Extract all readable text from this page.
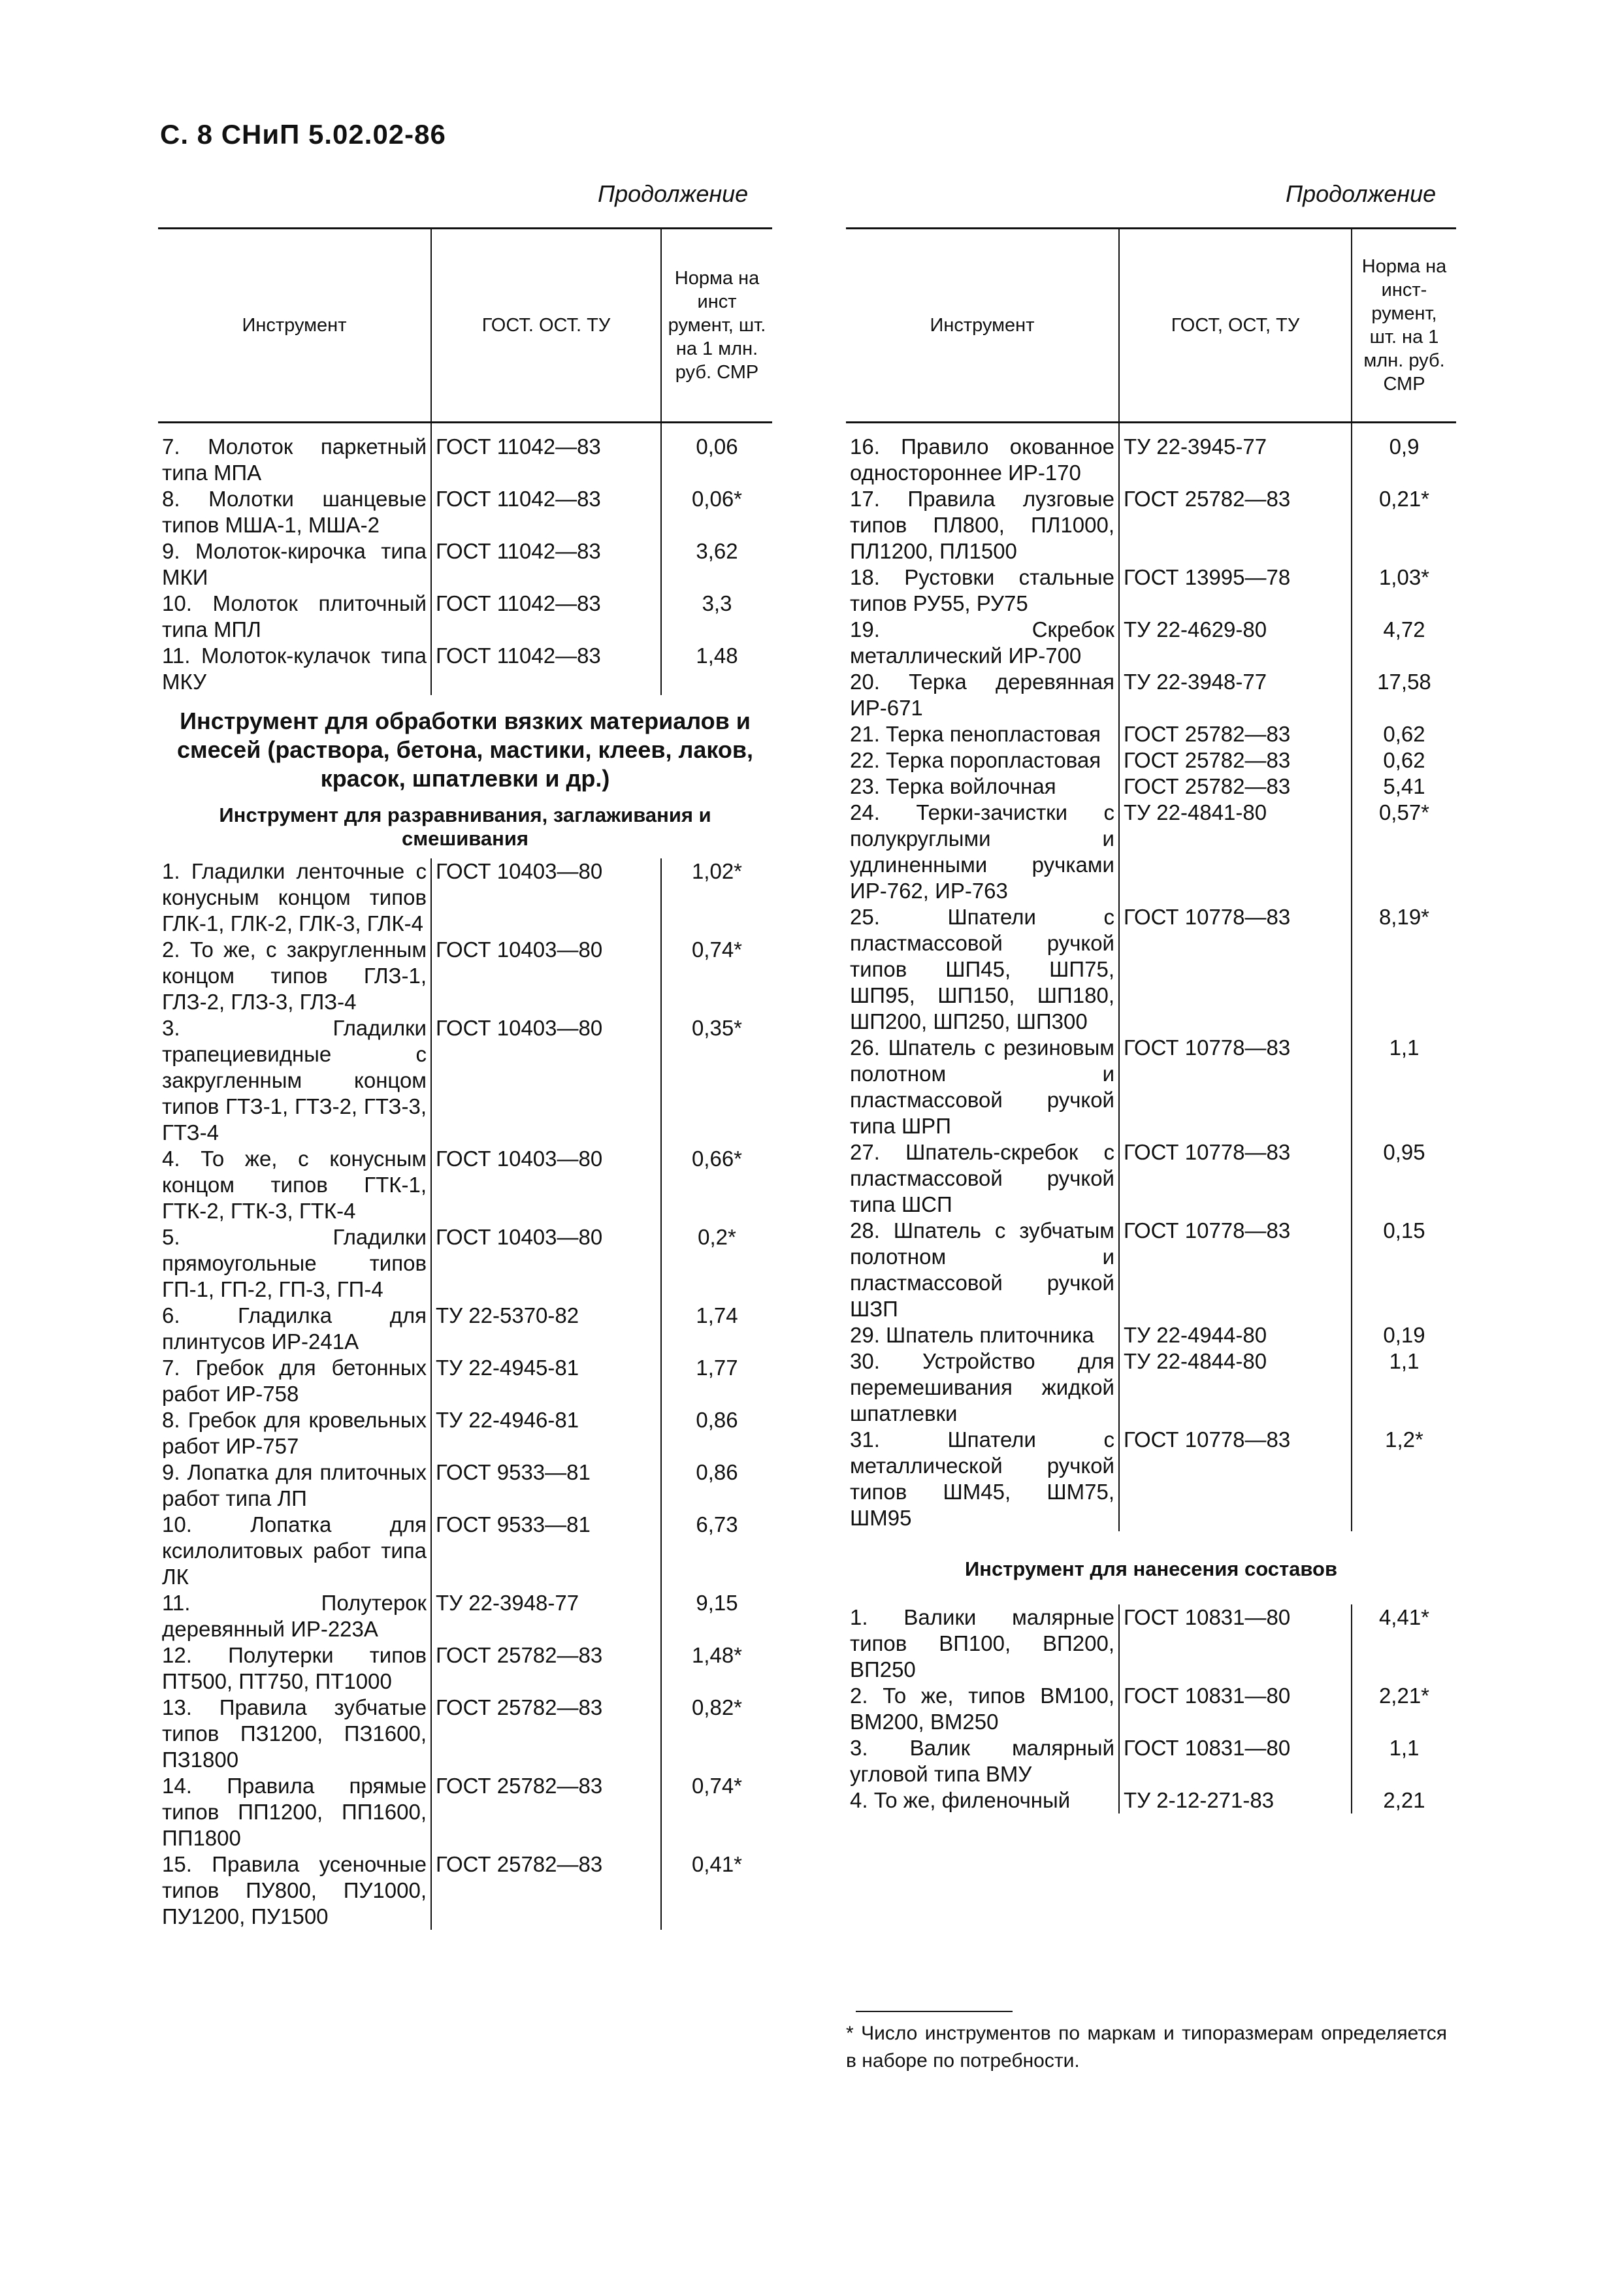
С. 8 СНиП 5.02.02-86
Продолжение	Продолжение
Инструмент	ГОСТ. ОСТ. ТУ	Норма на инст румент, шт. на 1 млн. руб. СМР
7. Молоток паркетный типа МПА	ГОСТ 11042—83	0,06
8. Молотки шанцевые типов МША-1, МША-2	ГОСТ 11042—83	0,06*
9. Молоток-кирочка типа МКИ	ГОСТ 11042—83	3,62
10. Молоток плиточный типа МПЛ	ГОСТ 11042—83	3,3
11. Молоток-кулачок типа МКУ	ГОСТ 11042—83	1,48

Инструмент для обработки вязких материалов и смесей (раствора, бетона, мастики, клеев, лаков, красок, шпатлевки и др.)
Инструмент для разравнивания, заглаживания и смешивания		

1. Гладилки ленточные с конусным концом типов ГЛК-1, ГЛК-2, ГЛК-3, ГЛК-4	ГОСТ 10403—80	1,02*
2. То же, с закругленным концом типов ГЛЗ-1, ГЛЗ-2, ГЛЗ-3, ГЛЗ-4	ГОСТ 10403—80	0,74*
3. Гладилки трапециевидные с закругленным концом типов ГТЗ-1, ГТЗ-2, ГТЗ-3, ГТЗ-4	ГОСТ 10403—80	0,35*
4. То же, с конусным концом типов ГТК-1, ГТК-2, ГТК-3, ГТК-4	ГОСТ 10403—80	0,66*
5. Гладилки прямоугольные типов ГП-1, ГП-2, ГП-3, ГП-4	ГОСТ 10403—80	0,2*
6. Гладилка для плинтусов ИР-241А	ТУ 22-5370-82	1,74
7. Гребок для бетонных работ ИР-758	ТУ 22-4945-81	1,77
8. Гребок для кровельных работ ИР-757	ТУ 22-4946-81	0,86
9. Лопатка для плиточных работ типа ЛП	ГОСТ 9533—81	0,86
10. Лопатка для ксилолитовых работ типа ЛК	ГОСТ 9533—81	6,73
11. Полутерок деревянный ИР-223А	ТУ 22-3948-77	9,15
12. Полутерки типов ПТ500, ПТ750, ПТ1000	ГОСТ 25782—83	1,48*
13. Правила зубчатые типов ПЗ1200, ПЗ1600, ПЗ1800	ГОСТ 25782—83	0,82*
14. Правила прямые типов ПП1200, ПП1600, ПП1800	ГОСТ 25782—83	0,74*
15. Правила усеночные типов ПУ800, ПУ1000, ПУ1200, ПУ1500	ГОСТ 25782—83	0,41*
Инструмент	ГОСТ, ОСТ, ТУ	Норма на инст-румент, шт. на 1 млн. руб. СМР
16. Правило окованное одностороннее ИР-170	ТУ 22-3945-77	0,9
17. Правила лузговые типов ПЛ800, ПЛ1000, ПЛ1200, ПЛ1500	ГОСТ 25782—83	0,21*
18. Рустовки стальные типов РУ55, РУ75	ГОСТ 13995—78	1,03*
19. Скребок металлический ИР-700	ТУ 22-4629-80	4,72
20. Терка деревянная ИР-671	ТУ 22-3948-77	17,58
21. Терка пенопластовая	ГОСТ 25782—83	0,62
22. Терка поропластовая	ГОСТ 25782—83	0,62
23. Терка войлочная	ГОСТ 25782—83	5,41
24. Терки-зачистки с полукруглыми и удлиненными ручками ИР-762, ИР-763	ТУ 22-4841-80	0,57*
25. Шпатели с пластмассовой ручкой типов ШП45, ШП75, ШП95, ШП150, ШП180, ШП200, ШП250, ШП300	ГОСТ 10778—83	8,19*
26. Шпатель с резиновым полотном и пластмассовой ручкой типа ШРП	ГОСТ 10778—83	1,1
27. Шпатель-скребок с пластмассовой ручкой типа ШСП	ГОСТ 10778—83	0,95
28. Шпатель с зубчатым полотном и пластмассовой ручкой ШЗП	ГОСТ 10778—83	0,15
29. Шпатель плиточника	ТУ 22-4944-80	0,19
30. Устройство для перемешивания жидкой шпатлевки	ТУ 22-4844-80	1,1
31. Шпатели с металлической ручкой типов ШМ45, ШМ75, ШМ95	ГОСТ 10778—83	1,2*

Инструмент для нанесения составов		

1. Валики малярные типов ВП100, ВП200, ВП250	ГОСТ 10831—80	4,41*
2. То же, типов ВМ100, ВМ200, ВМ250	ГОСТ 10831—80	2,21*
3. Валик малярный угловой типа ВМУ	ГОСТ 10831—80	1,1
4. То же, филеночный	ТУ 2-12-271-83	2,21
* Число инструментов по маркам и типоразмерам определяется в наборе по потребности.
